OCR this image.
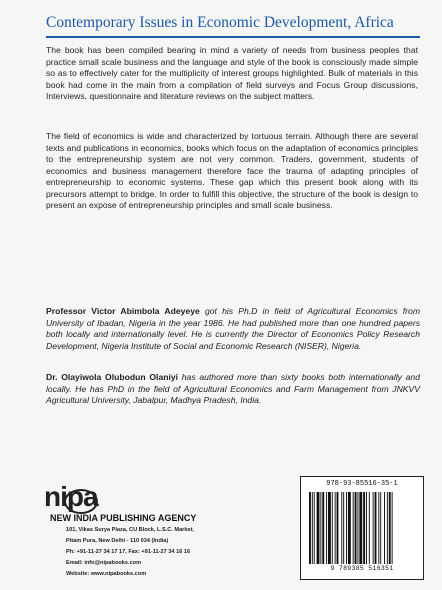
Contemporary Issues in Economic Development, Africa

The book has been compiled bearing in mind a variety of needs from business peoples that practice small scale business and the language and style of the book is consciously made simple so as to effectively cater for the multiplicity of interest groups highlighted. Bulk of materials in this book had come in the main from a compilation of field surveys and Focus Group discussions, Interviews, questionnaire and literature reviews on the subject matters.

The field of economics is wide and characterized by tortuous terrain. Although there are several texts and publications in economics, books which focus on the adaptation of economics principles to the entrepreneurship system are not very common. Traders, government, students of economics and business management therefore face the trauma of adapting principles of entrepreneurship to economic systems. These gap which this present book along with its precursors attempt to bridge. In order to fulfill this objective, the structure of the book is design to present an expose of entrepreneurship principles and small scale business.

Professor Victor Abimbola Adeyeye got his Ph.D in field of Agricultural Economics from University of Ibadan, Nigeria in the year 1986. He had published more than one hundred papers both locally and internationally level. He is currently the Director of Economics Policy Research Development, Nigeria Institute of Social and Economic Research (NISER), Nigeria.

Dr. Olayiwola Olubodun Olaniyi has authored more than sixty books both internationally and locally. He has PhD in the field of Agricultural Economics and Farm Management from JNKVV Agricultural University, Jabalpur, Madhya Pradesh, India.

nipa
NEW INDIA PUBLISHING AGENCY
101, Vikas Surya Plaza, CU Block, L.S.C. Market,
Pitam Pura, New Delhi - 110 034 (India)
Ph: +91-11-27 34 17 17, Fax: +91-11-27 34 16 16
Email: info@nipabooks.com
Website: www.nipabooks.com
978-93-85516-35-1
9 789385 516351
